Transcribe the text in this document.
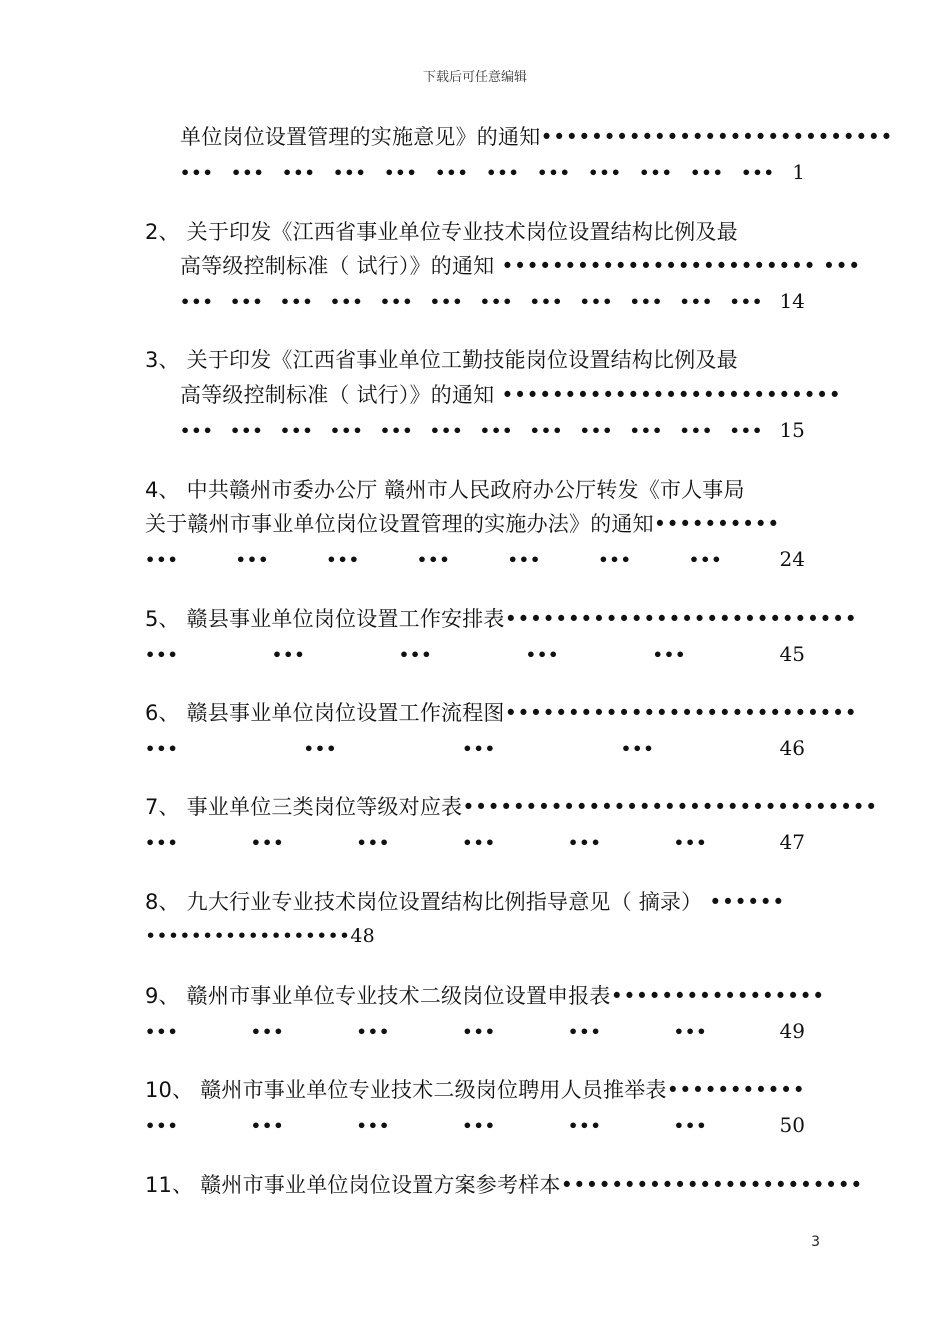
下载后可任意编辑
单位岗位设置管理的实施意见》的通知••••••••••••••••••••••••••••
••• ••• ••• ••• ••• ••• ••• ••• ••• ••• ••• ••• 1
2、 关于印发《江西省事业单位专业技术岗位设置结构比例及最
高等级控制标准（ 试行）》的通知 ••••••••••••••••••••••••• •••
••• ••• ••• ••• ••• ••• ••• ••• ••• ••• ••• ••• 14
3、 关于印发《江西省事业单位工勤技能岗位设置结构比例及最
高等级控制标准（ 试行）》的通知 •••••••••••••••••••••••••••
••• ••• ••• ••• ••• ••• ••• ••• ••• ••• ••• ••• 15
4、 中共赣州市委办公厅 赣州市人民政府办公厅转发《市人事局
关于赣州市事业单位岗位设置管理的实施办法》的通知••••••••••
•••	•••	•••	•••	•••	•••	•••	24
5、 赣县事业单位岗位设置工作安排表••••••••••••••••••••••••••••
•••	•••	•••	•••	•••	45
6、 赣县事业单位岗位设置工作流程图••••••••••••••••••••••••••••
•••	•••	•••	•••	46
7、 事业单位三类岗位等级对应表•••••••••••••••••••••••••••••••••
•••	•••	•••	•••	•••	•••	47
8、 九大行业专业技术岗位设置结构比例指导意见（ 摘录） ••••••
••••••••••••••••••48
9、 赣州市事业单位专业技术二级岗位设置申报表•••••••••••••••••
•••	•••	•••	•••	•••	•••	49
10、 赣州市事业单位专业技术二级岗位聘用人员推举表•••••••••••
•••	•••	•••	•••	•••	•••	50
11、 赣州市事业单位岗位设置方案参考样本••••••••••••••••••••••••
3
